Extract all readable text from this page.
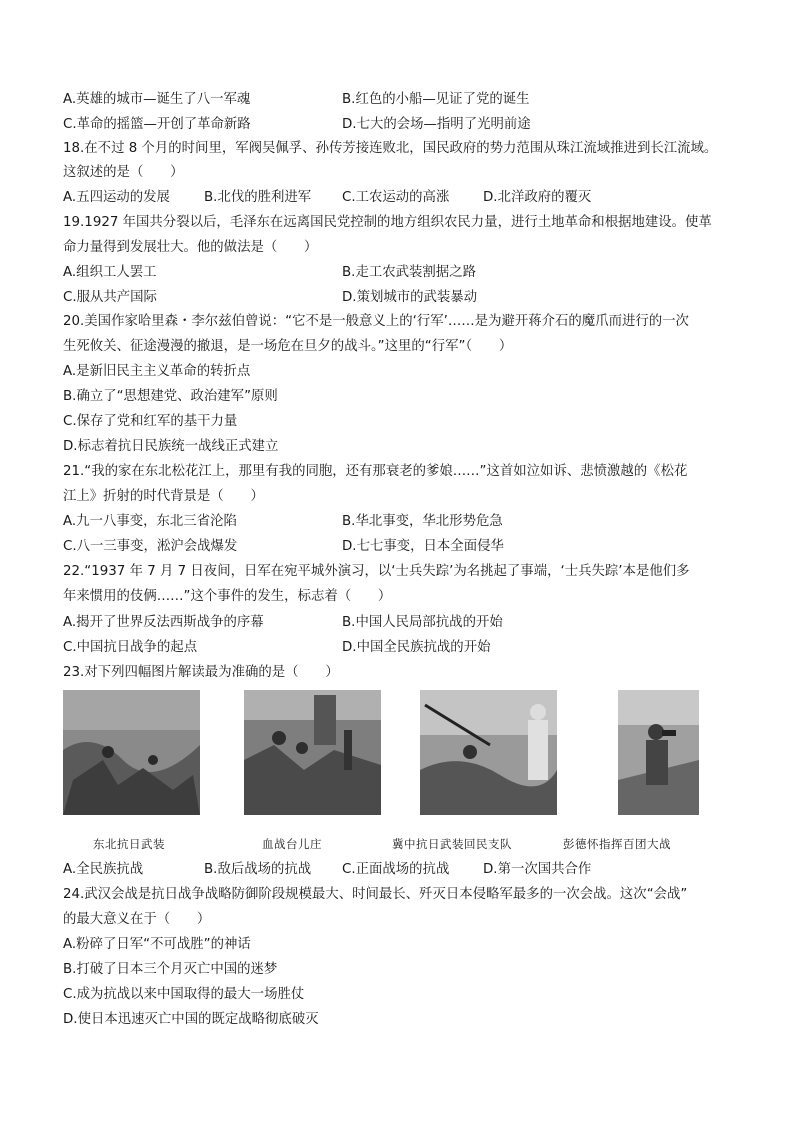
A.英雄的城市—诞生了八一军魂	B.红色的小船—见证了党的诞生
C.革命的摇篮—开创了革命新路	D.七大的会场—指明了光明前途
18.在不过 8 个月的时间里，军阀吴佩孚、孙传芳接连败北，国民政府的势力范围从珠江流域推进到长江流域。
这叙述的是（　　）
A.五四运动的发展	B.北伐的胜利进军 C.工农运动的高涨	D.北洋政府的覆灭
19.1927 年国共分裂以后，毛泽东在远离国民党控制的地方组织农民力量，进行土地革命和根据地建设。使革
命力量得到发展壮大。他的做法是（　　）
A.组织工人罢工	B.走工农武装割据之路
C.服从共产国际	D.策划城市的武装暴动
20.美国作家哈里森・李尔兹伯曾说：“它不是一般意义上的‘行军’……是为避开蒋介石的魔爪而进行的一次
生死攸关、征途漫漫的撤退，是一场危在旦夕的战斗。”这里的“行军”（　　）
A.是新旧民主主义革命的转折点
B.确立了“思想建党、政治建军”原则
C.保存了党和红军的基干力量
D.标志着抗日民族统一战线正式建立
21.“我的家在东北松花江上，那里有我的同胞，还有那衰老的爹娘……”这首如泣如诉、悲愤激越的《松花
江上》折射的时代背景是（　　）
A.九一八事变，东北三省沦陷	B.华北事变，华北形势危急
C.八一三事变，淞沪会战爆发	D.七七事变，日本全面侵华
22.“1937 年 7 月 7 日夜间，日军在宛平城外演习，以‘士兵失踪’为名挑起了事端，‘士兵失踪’本是他们多
年来惯用的伎俩……”这个事件的发生，标志着（　　）
A.揭开了世界反法西斯战争的序幕	B.中国人民局部抗战的开始
C.中国抗日战争的起点	D.中国全民族抗战的开始
23.对下列四幅图片解读最为准确的是（　　）
东北抗日武装	血战台儿庄	冀中抗日武装回民支队	彭德怀指挥百团大战
A.全民族抗战	B.敌后战场的抗战 C.正面战场的抗战	D.第一次国共合作
24.武汉会战是抗日战争战略防御阶段规模最大、时间最长、歼灭日本侵略军最多的一次会战。这次“会战”
的最大意义在于（　　）
A.粉碎了日军“不可战胜”的神话
B.打破了日本三个月灭亡中国的迷梦
C.成为抗战以来中国取得的最大一场胜仗
D.使日本迅速灭亡中国的既定战略彻底破灭
